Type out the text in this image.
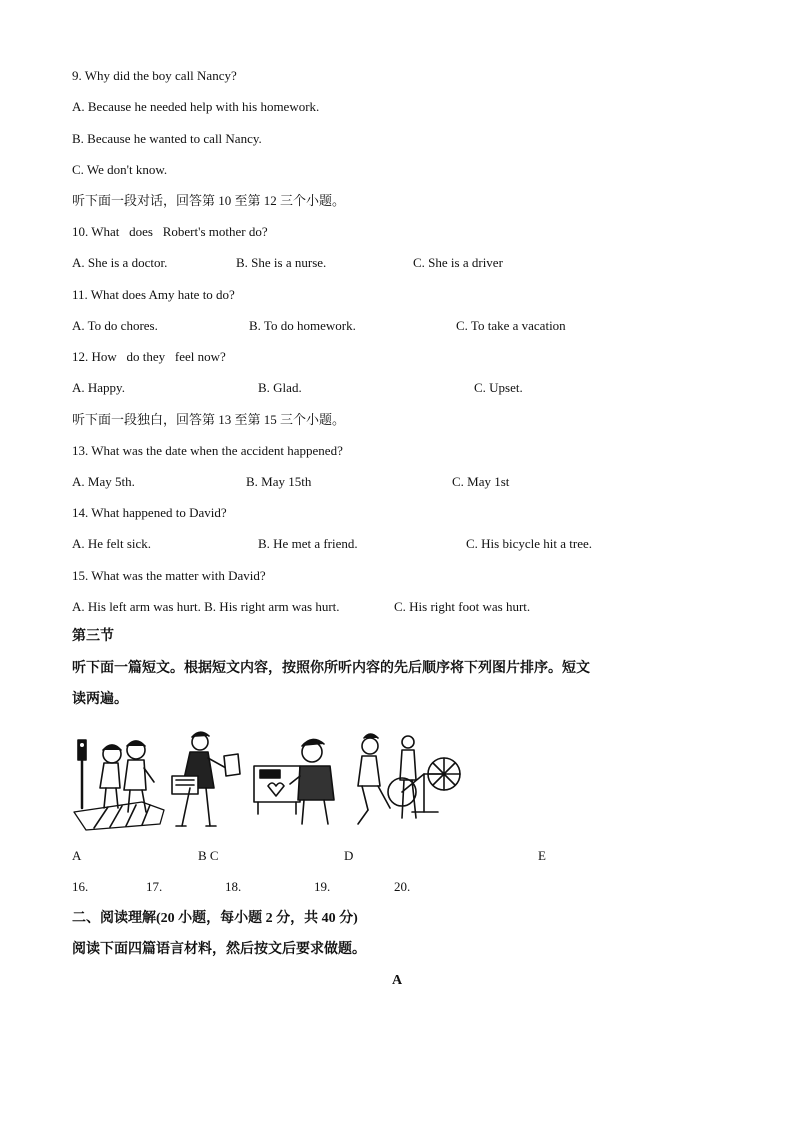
9. Why did the boy call Nancy?
A. Because he needed help with his homework.
B. Because he wanted to call Nancy.
C. We don't know.
听下面一段对话，回答第 10 至第 12 三个小题。
10. What   does   Robert's mother do?
A. She is a doctor.	B. She is a nurse.	C. She is a driver
11. What does Amy hate to do?
A. To do chores.	B. To do homework.	C. To take a vacation
12. How   do they   feel now?
A. Happy.	B. Glad.	C. Upset.
听下面一段独白，回答第 13 至第 15 三个小题。
13. What was the date when the accident happened?
A. May 5th.	B. May 15th	C. May 1st
14. What happened to David?
A. He felt sick.	B. He met a friend.	C. His bicycle hit a tree.
15. What was the matter with David?
A. His left arm was hurt. B. His right arm was hurt.	C. His right foot was hurt.
第三节
听下面一篇短文。根据短文内容，按照你所听内容的先后顺序将下列图片排序。短文
读两遍。
A	B C	D	E
16.	17.	18.	19.	20.
二、阅读理解(20 小题，每小题 2 分，共 40 分)
阅读下面四篇语言材料，然后按文后要求做题。
A
